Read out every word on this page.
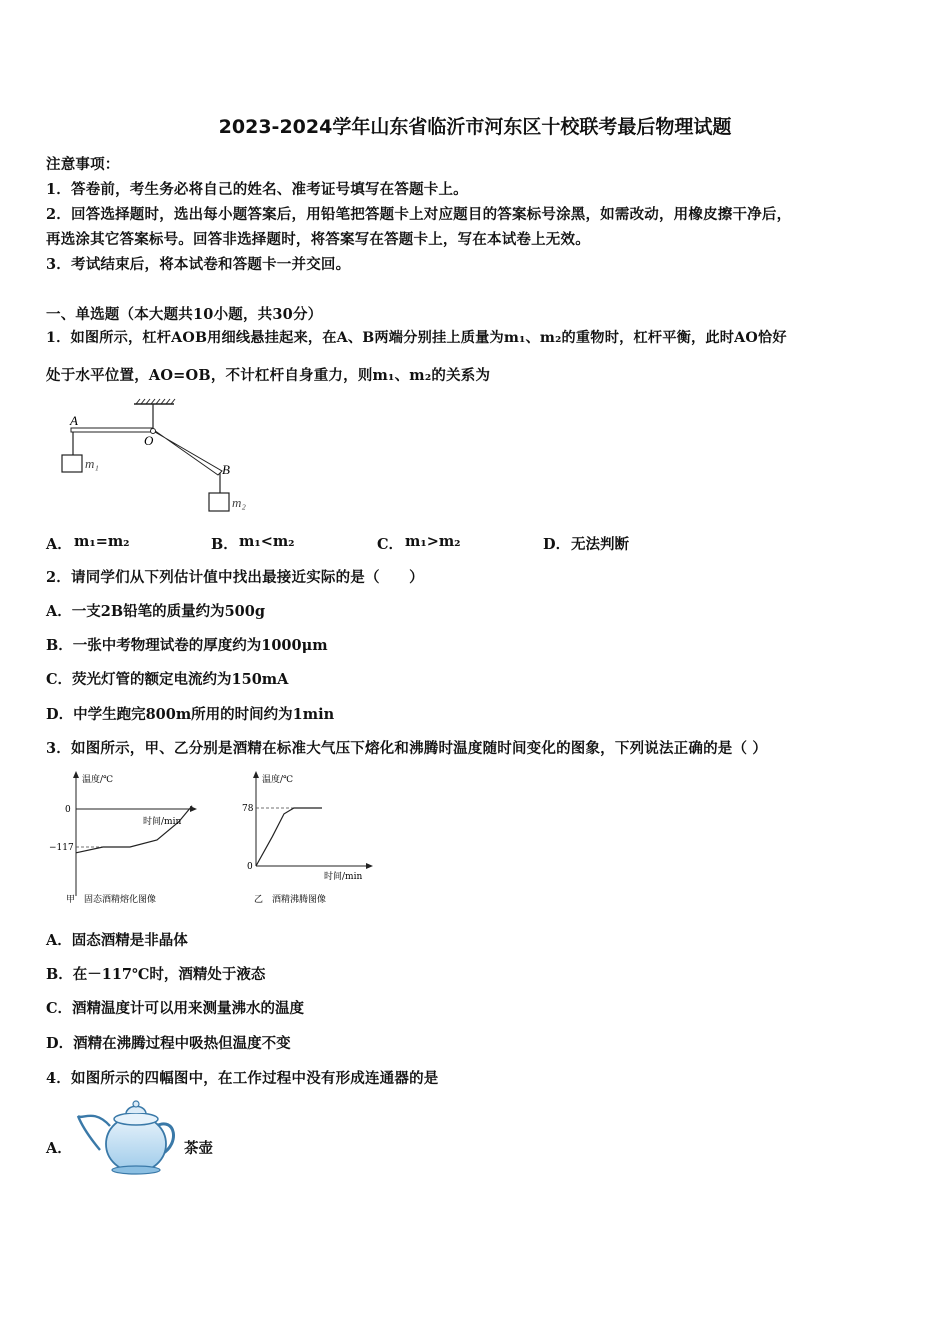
2023-2024学年山东省临沂市河东区十校联考最后物理试题
注意事项：
1．答卷前，考生务必将自己的姓名、准考证号填写在答题卡上。
2．回答选择题时，选出每小题答案后，用铅笔把答题卡上对应题目的答案标号涂黑，如需改动，用橡皮擦干净后，
再选涂其它答案标号。回答非选择题时，将答案写在答题卡上，写在本试卷上无效。
3．考试结束后，将本试卷和答题卡一并交回。
一、单选题（本大题共10小题，共30分）
1．如图所示，杠杆AOB用细线悬挂起来，在A、B两端分别挂上质量为m₁、m₂的重物时，杠杆平衡，此时AO恰好
处于水平位置，AO=OB，不计杠杆自身重力，则m₁、m₂的关系为
A
O
B
m₁
m₂
A． m₁=m₂	B． m₁<m₂	C． m₁>m₂	D． 无法判断
2．请同学们从下列估计值中找出最接近实际的是（　　）
A．一支2B铅笔的质量约为500g
B．一张中考物理试卷的厚度约为1000μm
C．荧光灯管的额定电流约为150mA
D．中学生跑完800m所用的时间约为1min
3．如图所示，甲、乙分别是酒精在标准大气压下熔化和沸腾时温度随时间变化的图象，下列说法正确的是（ ）
温度/℃
时间/min
0
−117
甲　固态酒精熔化图像
温度/℃
时间/min
78
0
乙　酒精沸腾图像
A．固态酒精是非晶体
B．在－117℃时，酒精处于液态
C．酒精温度计可以用来测量沸水的温度
D．酒精在沸腾过程中吸热但温度不变
4．如图所示的四幅图中，在工作过程中没有形成连通器的是
A．	茶壶
